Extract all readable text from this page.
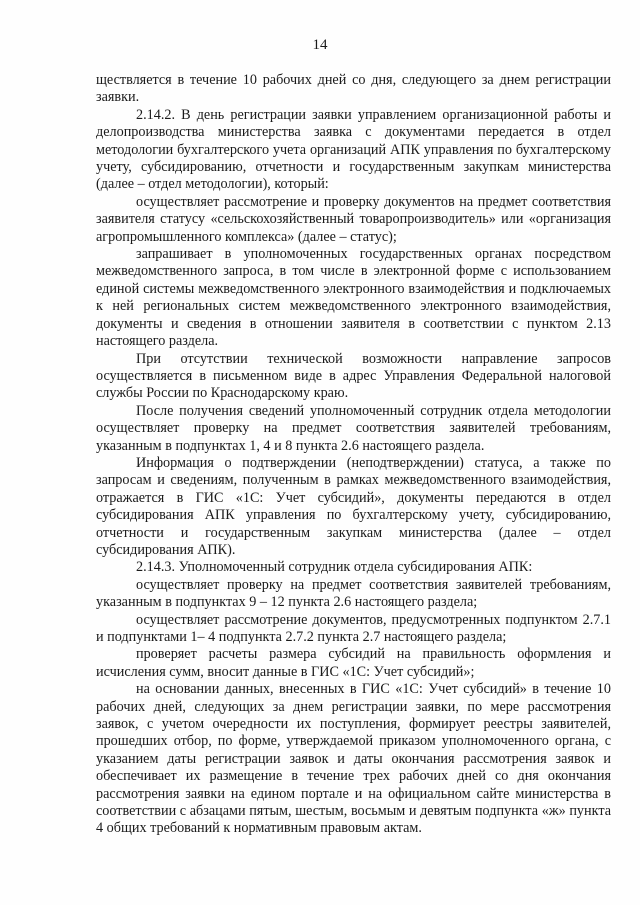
14

ществляется в течение 10 рабочих дней со дня, следующего за днем регистрации заявки.

2.14.2. В день регистрации заявки управлением организационной работы и делопроизводства министерства заявка с документами передается в отдел методологии бухгалтерского учета организаций АПК управления по бухгалтерскому учету, субсидированию, отчетности и государственным закупкам министерства (далее – отдел методологии), который:

осуществляет рассмотрение и проверку документов на предмет соответствия заявителя статусу «сельскохозяйственный товаропроизводитель» или «организация агропромышленного комплекса» (далее – статус);

запрашивает в уполномоченных государственных органах посредством межведомственного запроса, в том числе в электронной форме с использованием единой системы межведомственного электронного взаимодействия и подключаемых к ней региональных систем межведомственного электронного взаимодействия, документы и сведения в отношении заявителя в соответствии с пунктом 2.13 настоящего раздела.

При отсутствии технической возможности направление запросов осуществляется в письменном виде в адрес Управления Федеральной налоговой службы России по Краснодарскому краю.

После получения сведений уполномоченный сотрудник отдела методологии осуществляет проверку на предмет соответствия заявителей требованиям, указанным в подпунктах 1, 4 и 8 пункта 2.6 настоящего раздела.

Информация о подтверждении (неподтверждении) статуса, а также по запросам и сведениям, полученным в рамках межведомственного взаимодействия, отражается в ГИС «1С: Учет субсидий», документы передаются в отдел субсидирования АПК управления по бухгалтерскому учету, субсидированию, отчетности и государственным закупкам министерства (далее – отдел субсидирования АПК).

2.14.3. Уполномоченный сотрудник отдела субсидирования АПК:

осуществляет проверку на предмет соответствия заявителей требованиям, указанным в подпунктах 9 – 12 пункта 2.6 настоящего раздела;

осуществляет рассмотрение документов, предусмотренных подпунктом 2.7.1 и подпунктами 1– 4 подпункта 2.7.2 пункта 2.7 настоящего раздела;

проверяет расчеты размера субсидий на правильность оформления и исчисления сумм, вносит данные в ГИС «1С: Учет субсидий»;

на основании данных, внесенных в ГИС «1С: Учет субсидий» в течение 10 рабочих дней, следующих за днем регистрации заявки, по мере рассмотрения заявок, с учетом очередности их поступления, формирует реестры заявителей, прошедших отбор, по форме, утверждаемой приказом уполномоченного органа, с указанием даты регистрации заявок и даты окончания рассмотрения заявок и обеспечивает их размещение в течение трех рабочих дней со дня окончания рассмотрения заявки на едином портале и на официальном сайте министерства в соответствии с абзацами пятым, шестым, восьмым и девятым подпункта «ж» пункта 4 общих требований к нормативным правовым актам.
